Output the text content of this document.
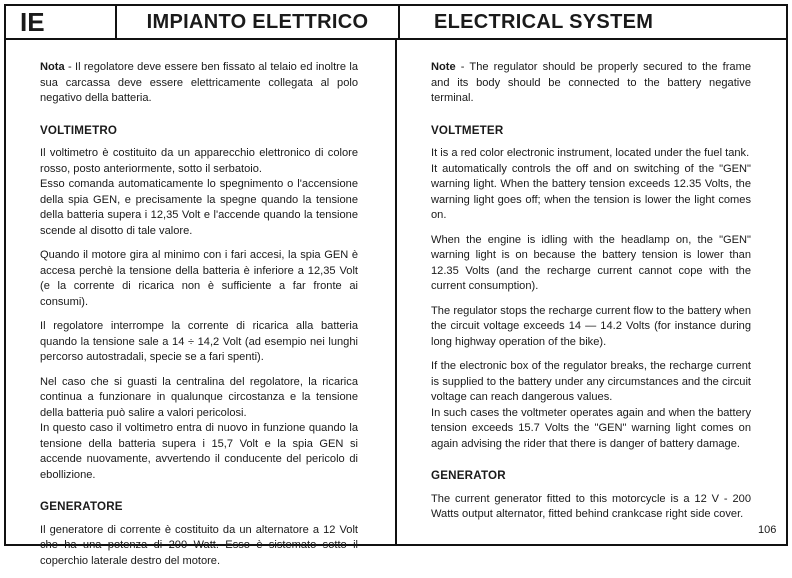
IE	IMPIANTO ELETTRICO	ELECTRICAL SYSTEM

Nota - Il regolatore deve essere ben fissato al telaio ed inoltre la sua carcassa deve essere elettricamente collegata al polo negativo della batteria.

VOLTIMETRO

Il voltimetro è costituito da un apparecchio elettronico di colore rosso, posto anteriormente, sotto il serbatoio.

Esso comanda automaticamente lo spegnimento o l'accensione della spia GEN, e precisamente la spegne quando la tensione della batteria supera i 12,35 Volt e l'accende quando la tensione scende al disotto di tale valore.

Quando il motore gira al minimo con i fari accesi, la spia GEN è accesa perchè la tensione della batteria è inferiore a 12,35 Volt (e la corrente di ricarica non è sufficiente a far fronte ai consumi).

Il regolatore interrompe la corrente di ricarica alla batteria quando la tensione sale a 14 ÷ 14,2 Volt (ad esempio nei lunghi percorso autostradali, specie se a fari spenti).

Nel caso che si guasti la centralina del regolatore, la ricarica continua a funzionare in qualunque circostanza e la tensione della batteria può salire a valori pericolosi.

In questo caso il voltimetro entra di nuovo in funzione quando la tensione della batteria supera i 15,7 Volt e la spia GEN si accende nuovamente, avvertendo il conducente del pericolo di ebollizione.

GENERATORE

Il generatore di corrente è costituito da un alternatore a 12 Volt che ha una potenza di 200 Watt. Esso è sistemato sotto il coperchio laterale destro del motore.

Note - The regulator should be properly secured to the frame and its body should be connected to the battery negative terminal.

VOLTMETER

It is a red color electronic instrument, located under the fuel tank.

It automatically controls the off and on switching of the "GEN" warning light. When the battery tension exceeds 12.35 Volts, the warning light goes off; when the tension is lower the light comes on.

When the engine is idling with the headlamp on, the "GEN" warning light is on because the battery tension is lower than 12.35 Volts (and the recharge current cannot cope with the current consumption).

The regulator stops the recharge current flow to the battery when the circuit voltage exceeds 14 — 14.2 Volts (for instance during long highway operation of the bike).

If the electronic box of the regulator breaks, the recharge current is supplied to the battery under any circumstances and the circuit voltage can reach dangerous values.

In such cases the voltmeter operates again and when the battery tension exceeds 15.7 Volts the "GEN" warning light comes on again advising the rider that there is danger of battery damage.

GENERATOR

The current generator fitted to this motorcycle is a 12 V - 200 Watts output alternator, fitted behind crankcase right side cover.

106
